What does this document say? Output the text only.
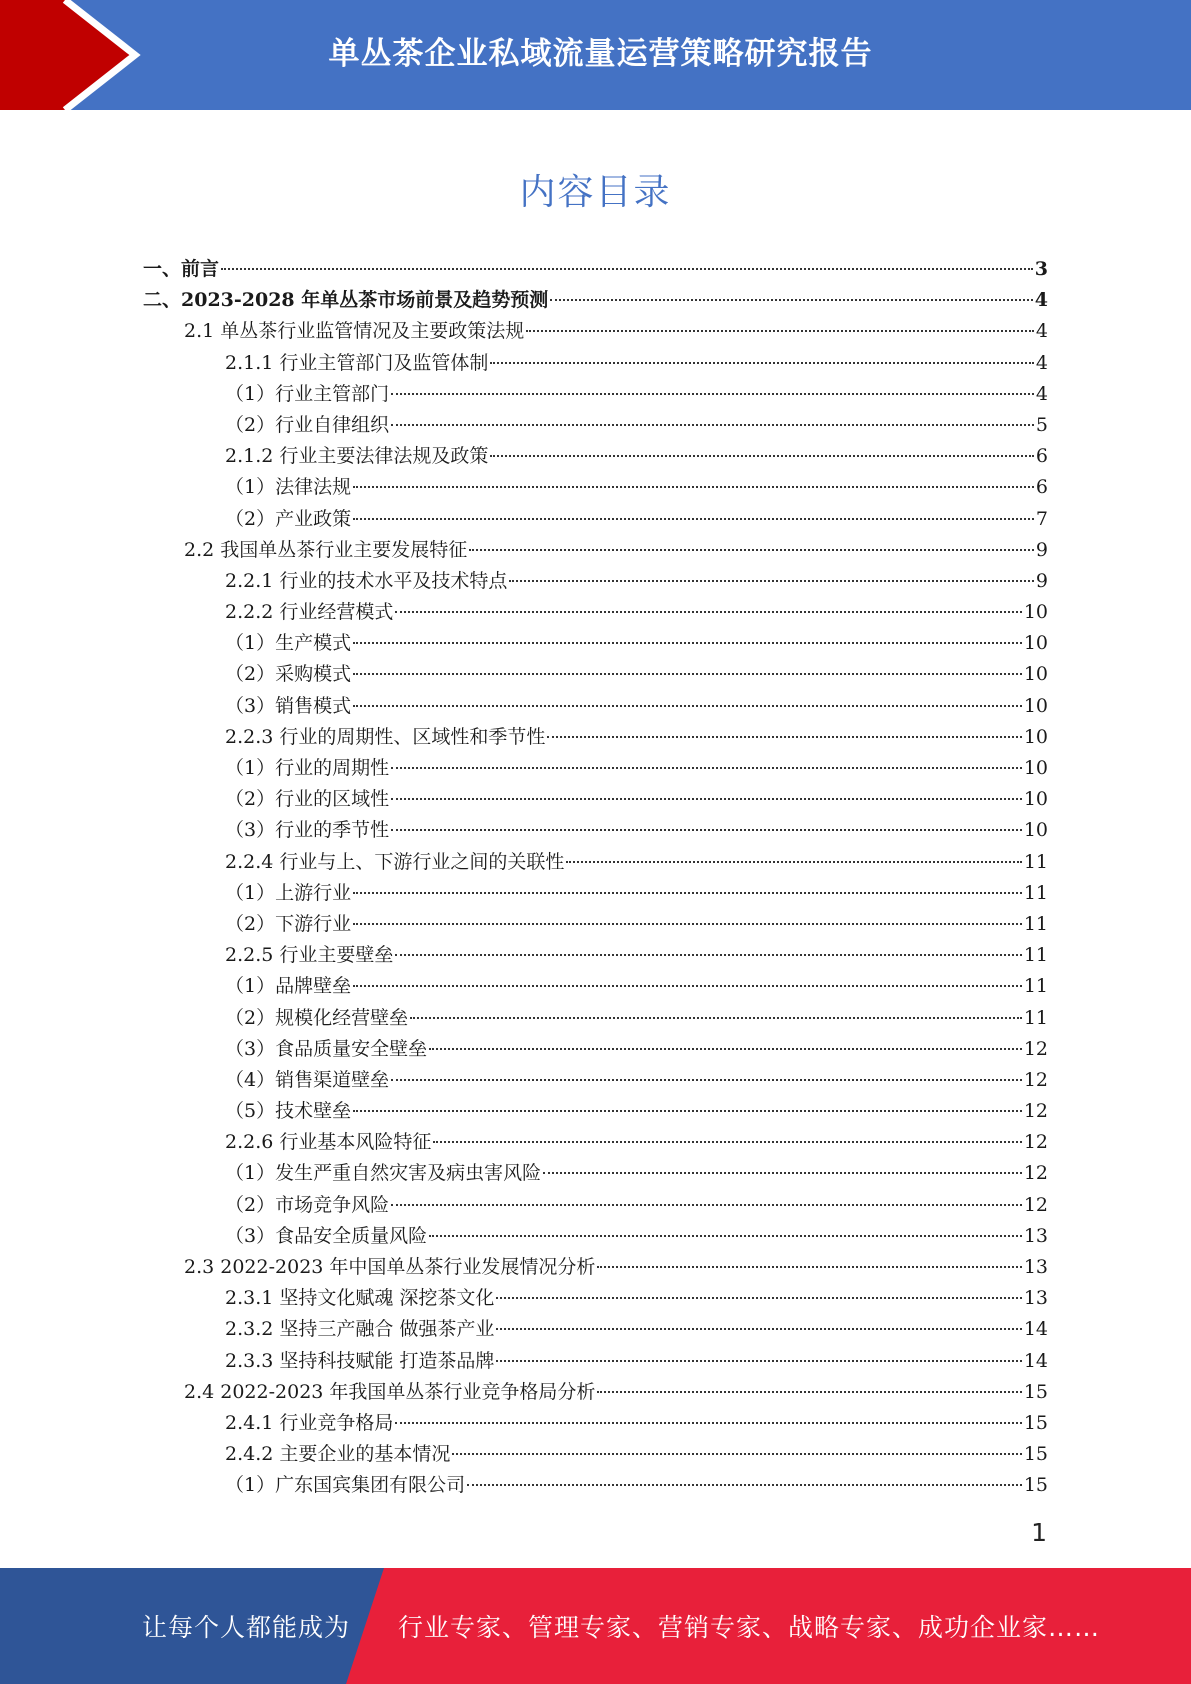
单丛茶企业私域流量运营策略研究报告
内容目录
一、前言	3
二、2023-2028 年单丛茶市场前景及趋势预测	4
2.1 单丛茶行业监管情况及主要政策法规	4
2.1.1 行业主管部门及监管体制	4
（1）行业主管部门	4
（2）行业自律组织	5
2.1.2 行业主要法律法规及政策	6
（1）法律法规	6
（2）产业政策	7
2.2 我国单丛茶行业主要发展特征	9
2.2.1 行业的技术水平及技术特点	9
2.2.2 行业经营模式	10
（1）生产模式	10
（2）采购模式	10
（3）销售模式	10
2.2.3 行业的周期性、区域性和季节性	10
（1）行业的周期性	10
（2）行业的区域性	10
（3）行业的季节性	10
2.2.4 行业与上、下游行业之间的关联性	11
（1）上游行业	11
（2）下游行业	11
2.2.5 行业主要壁垒	11
（1）品牌壁垒	11
（2）规模化经营壁垒	11
（3）食品质量安全壁垒	12
（4）销售渠道壁垒	12
（5）技术壁垒	12
2.2.6 行业基本风险特征	12
（1）发生严重自然灾害及病虫害风险	12
（2）市场竞争风险	12
（3）食品安全质量风险	13
2.3 2022-2023 年中国单丛茶行业发展情况分析	13
2.3.1 坚持文化赋魂 深挖茶文化	13
2.3.2 坚持三产融合 做强茶产业	14
2.3.3 坚持科技赋能 打造茶品牌	14
2.4 2022-2023 年我国单丛茶行业竞争格局分析	15
2.4.1 行业竞争格局	15
2.4.2 主要企业的基本情况	15
（1）广东国宾集团有限公司	15
1
让每个人都能成为 行业专家、管理专家、营销专家、战略专家、成功企业家……
